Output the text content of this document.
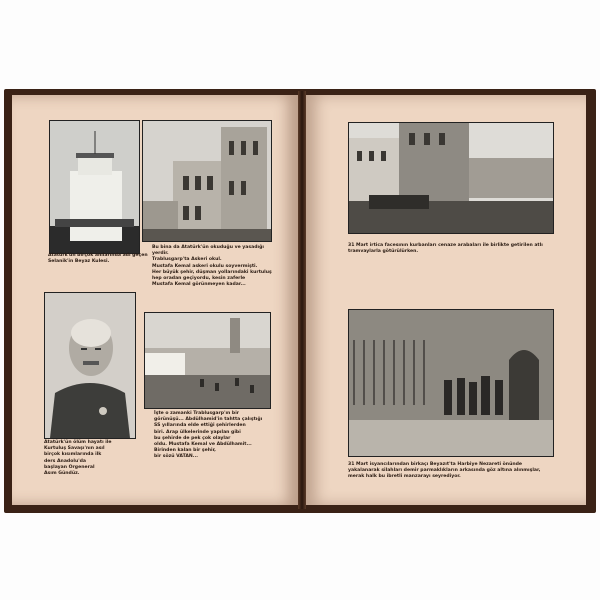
Atatürk'ün birçok anılarında adı geçen
Selanik'in Beyaz Kulesi.

Bu bina da Atatürk'ün okuduğu ve yasadığı yerdir.
Trablusgarp'ta Askeri okul.
Mustafa Kemal askeri okulu soyvermişti.
Her büyük şehir, düşman yollarındaki kurtuluş hep oradan geçiyordu, kesin zaferle
Mustafa Kemal görünmeyen kadar...

Atatürk'ün ölüm hayatı ile
Kurtuluş Savaşı'nın asıl
birçok kısımlarında ilk
ders Anadolu'da
başlayan Orgeneral
Asım Gündüz.

İşte o zamanki Trablusgarp'ın bir
görünüşü... Abdülhamid'in tahtta çalıştığı
SS yıllarında elde ettiği şehirlerden
biri. Arap ülkelerinde yapılan gibi
bu şehirde de pek çok olaylar
oldu. Mustafa Kemal ve Abdülhamit...
Birinden kalan bir şehir,
bir sözü VATAN...

31 Mart irtica facesının kurbanları cenaze arabaları ile birlikte getirilen atlı tramvaylarla götürülürken.

31 Mart isyancılarından birkaçı Beyazıt'ta Harbiye Nezareti önünde yakalanarak silahları demir parmaklıkların arkasında göz altına alınmışlar, merak halk bu ibretli manzarayı seyrediyor.
